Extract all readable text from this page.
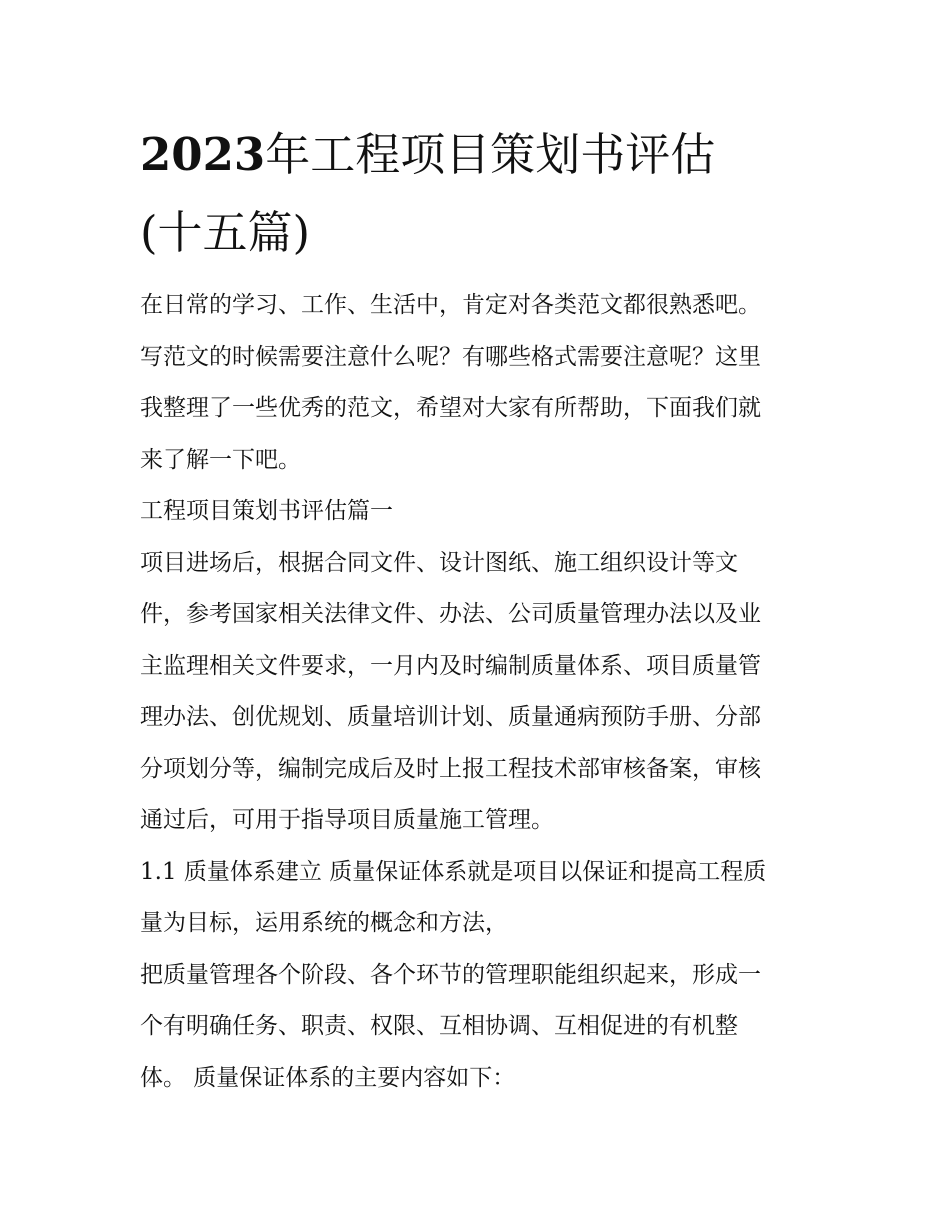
2023年工程项目策划书评估
(十五篇)
在日常的学习、工作、生活中，肯定对各类范文都很熟悉吧。
写范文的时候需要注意什么呢？有哪些格式需要注意呢？这里
我整理了一些优秀的范文，希望对大家有所帮助，下面我们就
来了解一下吧。
工程项目策划书评估篇一
项目进场后，根据合同文件、设计图纸、施工组织设计等文
件，参考国家相关法律文件、办法、公司质量管理办法以及业
主监理相关文件要求，一月内及时编制质量体系、项目质量管
理办法、创优规划、质量培训计划、质量通病预防手册、分部
分项划分等，编制完成后及时上报工程技术部审核备案，审核
通过后，可用于指导项目质量施工管理。
1.1 质量体系建立 质量保证体系就是项目以保证和提高工程质
量为目标，运用系统的概念和方法，
把质量管理各个阶段、各个环节的管理职能组织起来，形成一
个有明确任务、职责、权限、互相协调、互相促进的有机整
体。 质量保证体系的主要内容如下：
